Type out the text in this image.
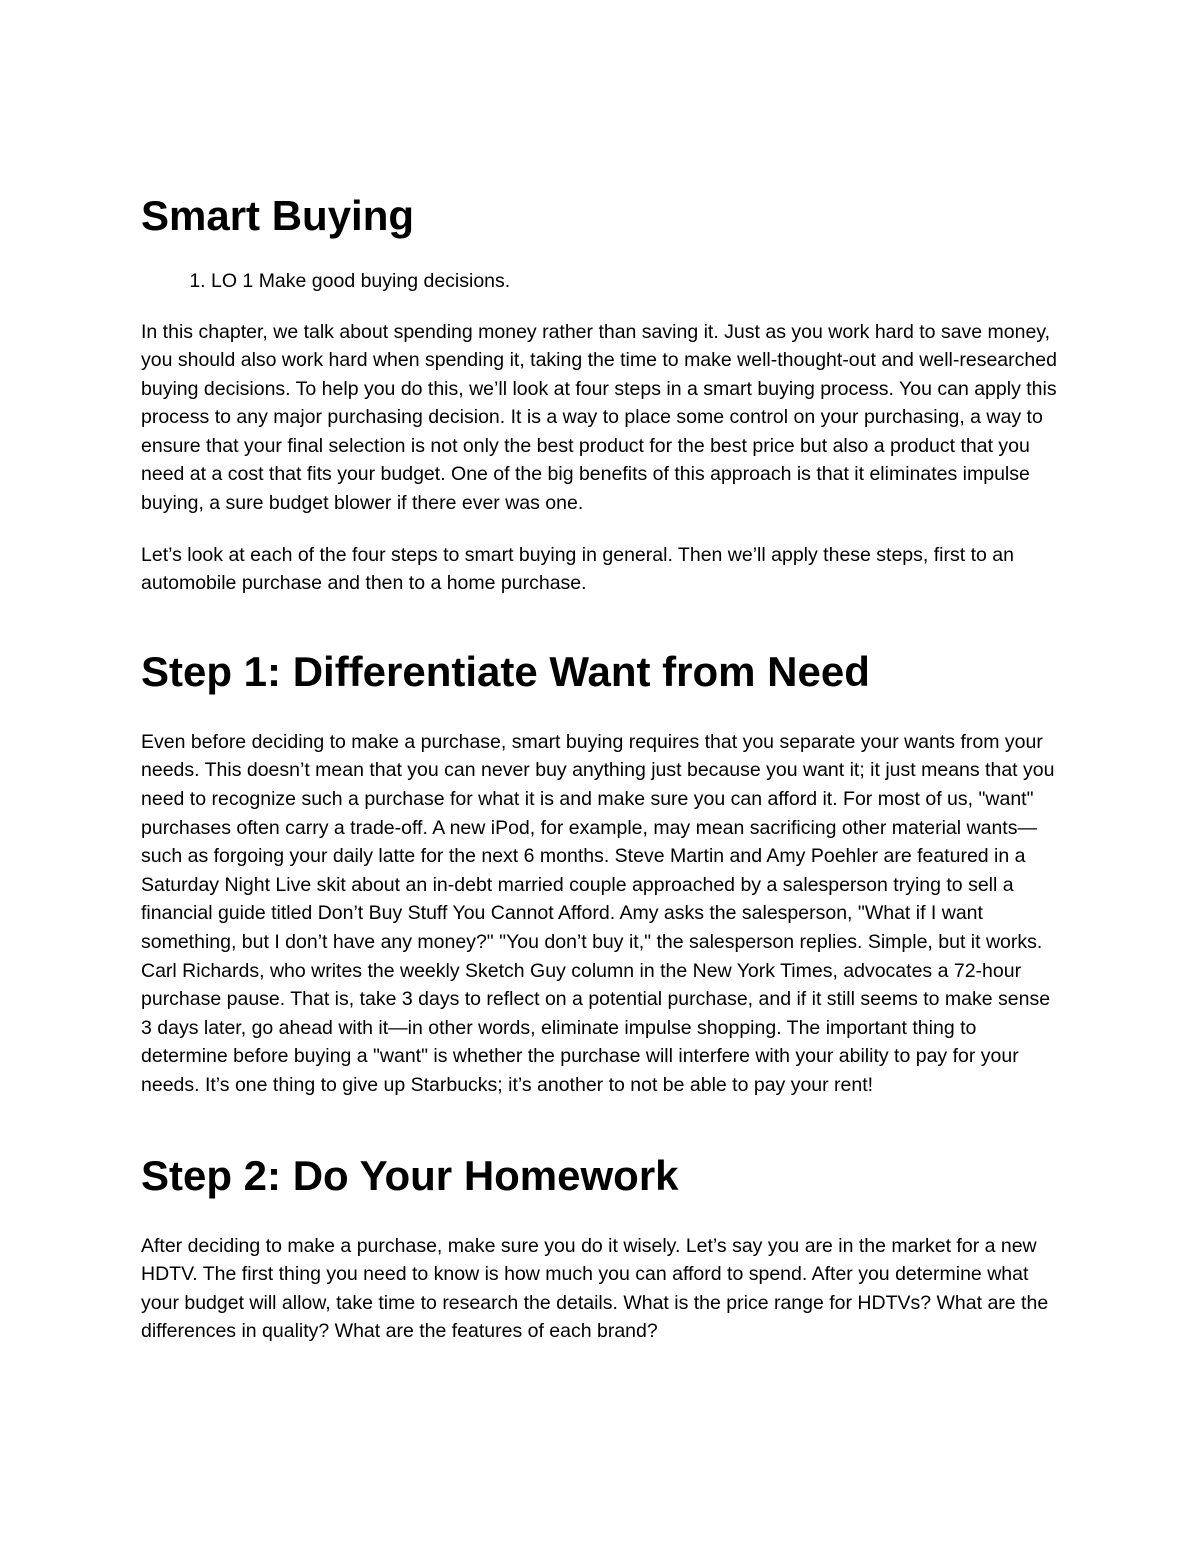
Smart Buying
1. LO 1 Make good buying decisions.

In this chapter, we talk about spending money rather than saving it. Just as you work hard to save money, you should also work hard when spending it, taking the time to make well-thought-out and well-researched buying decisions. To help you do this, we’ll look at four steps in a smart buying process. You can apply this process to any major purchasing decision. It is a way to place some control on your purchasing, a way to ensure that your final selection is not only the best product for the best price but also a product that you need at a cost that fits your budget. One of the big benefits of this approach is that it eliminates impulse buying, a sure budget blower if there ever was one.

Let’s look at each of the four steps to smart buying in general. Then we’ll apply these steps, first to an automobile purchase and then to a home purchase.

Step 1: Differentiate Want from Need

Even before deciding to make a purchase, smart buying requires that you separate your wants from your needs. This doesn’t mean that you can never buy anything just because you want it; it just means that you need to recognize such a purchase for what it is and make sure you can afford it. For most of us, "want" purchases often carry a trade-off. A new iPod, for example, may mean sacrificing other material wants—such as forgoing your daily latte for the next 6 months. Steve Martin and Amy Poehler are featured in a Saturday Night Live skit about an in-debt married couple approached by a salesperson trying to sell a financial guide titled Don’t Buy Stuff You Cannot Afford. Amy asks the salesperson, "What if I want something, but I don’t have any money?" "You don’t buy it," the salesperson replies. Simple, but it works. Carl Richards, who writes the weekly Sketch Guy column in the New York Times, advocates a 72-hour purchase pause. That is, take 3 days to reflect on a potential purchase, and if it still seems to make sense 3 days later, go ahead with it—in other words, eliminate impulse shopping. The important thing to determine before buying a "want" is whether the purchase will interfere with your ability to pay for your needs. It’s one thing to give up Starbucks; it’s another to not be able to pay your rent!

Step 2: Do Your Homework

After deciding to make a purchase, make sure you do it wisely. Let’s say you are in the market for a new HDTV. The first thing you need to know is how much you can afford to spend. After you determine what your budget will allow, take time to research the details. What is the price range for HDTVs? What are the differences in quality? What are the features of each brand?
